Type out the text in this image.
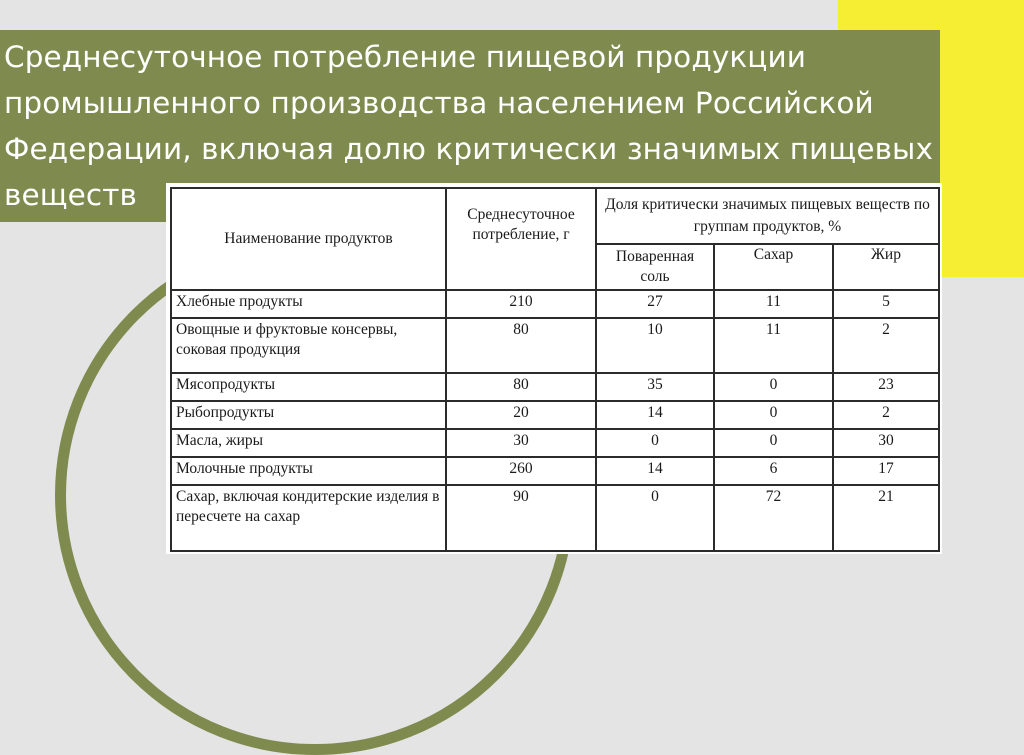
Среднесуточное потребление пищевой продукции промышленного производства населением Российской Федерации, включая долю критически значимых пищевых веществ
Наименование продуктов	Среднесуточное потребление, г	Доля критически значимых пищевых веществ по группам продуктов, %		
		Поваренная соль	Сахар	Жир
Хлебные продукты	210	27	11	5
Овощные и фруктовые консервы, соковая продукция	80	10	11	2
Мясопродукты	80	35	0	23
Рыбопродукты	20	14	0	2
Масла, жиры	30	0	0	30
Молочные продукты	260	14	6	17
Сахар, включая кондитерские изделия в пересчете на сахар	90	0	72	21
